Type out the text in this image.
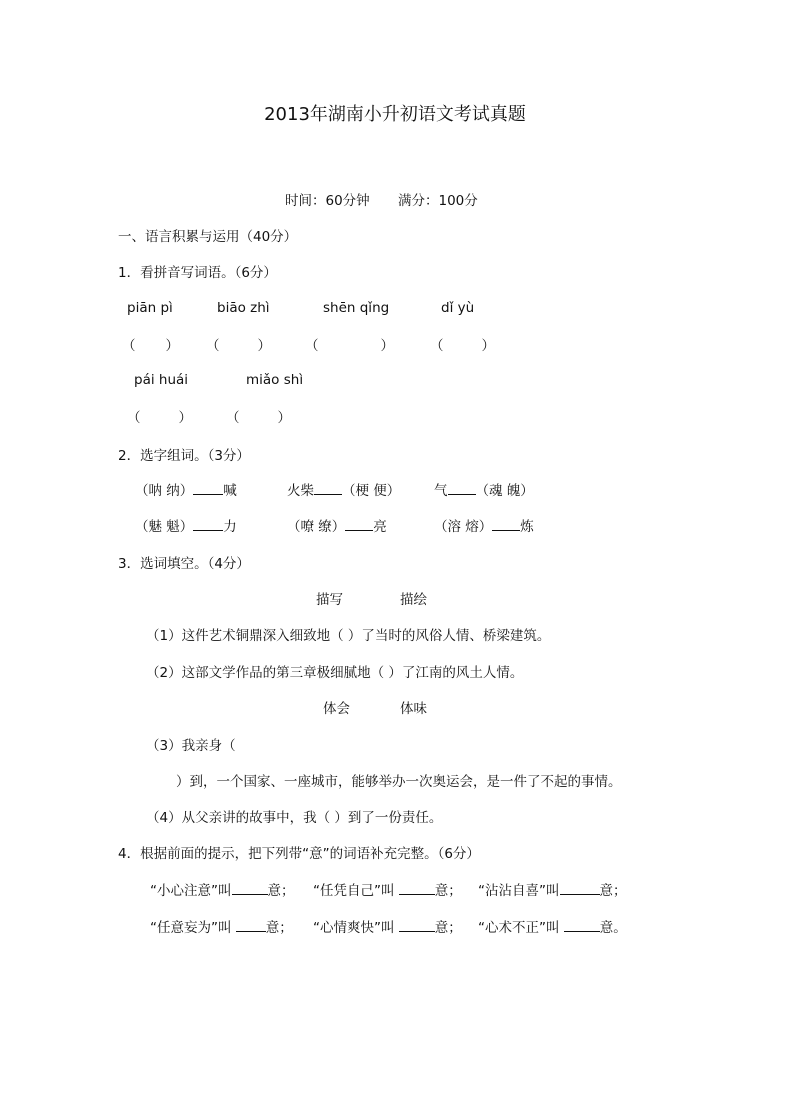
2013年湖南小升初语文考试真题
时间：60分钟 满分：100分
一、语言积累与运用（40分）
1．看拼音写词语。（6分）
piān pì	biāo zhì	shēn qǐng	dǐ yù
（ ） （	）	（	）	（	）
pái huái	miǎo shì
（	）	（	）
2．选字组词。（3分）
（呐 纳） 喊	火柴 （梗 便） 气 （魂 魄）
（魅 魁） 力	（嘹 缭） 亮	（溶 熔） 炼
3．选词填空。（4分）
描写	描绘
（1）这件艺术铜鼎深入细致地（ ）了当时的风俗人情、桥梁建筑。
（2）这部文学作品的第三章极细腻地（ ）了江南的风土人情。
体会	体味
（3）我亲身（
）到，一个国家、一座城市，能够举办一次奥运会，是一件了不起的事情。
（4）从父亲讲的故事中，我（ ）到了一份责任。
4．根据前面的提示，把下列带“意”的词语补充完整。（6分）
“小心注意”叫	意； “任凭自己”叫	意； “沾沾自喜”叫	意；
“任意妄为”叫 意； “心情爽快”叫	意； “心术不正”叫	意。
